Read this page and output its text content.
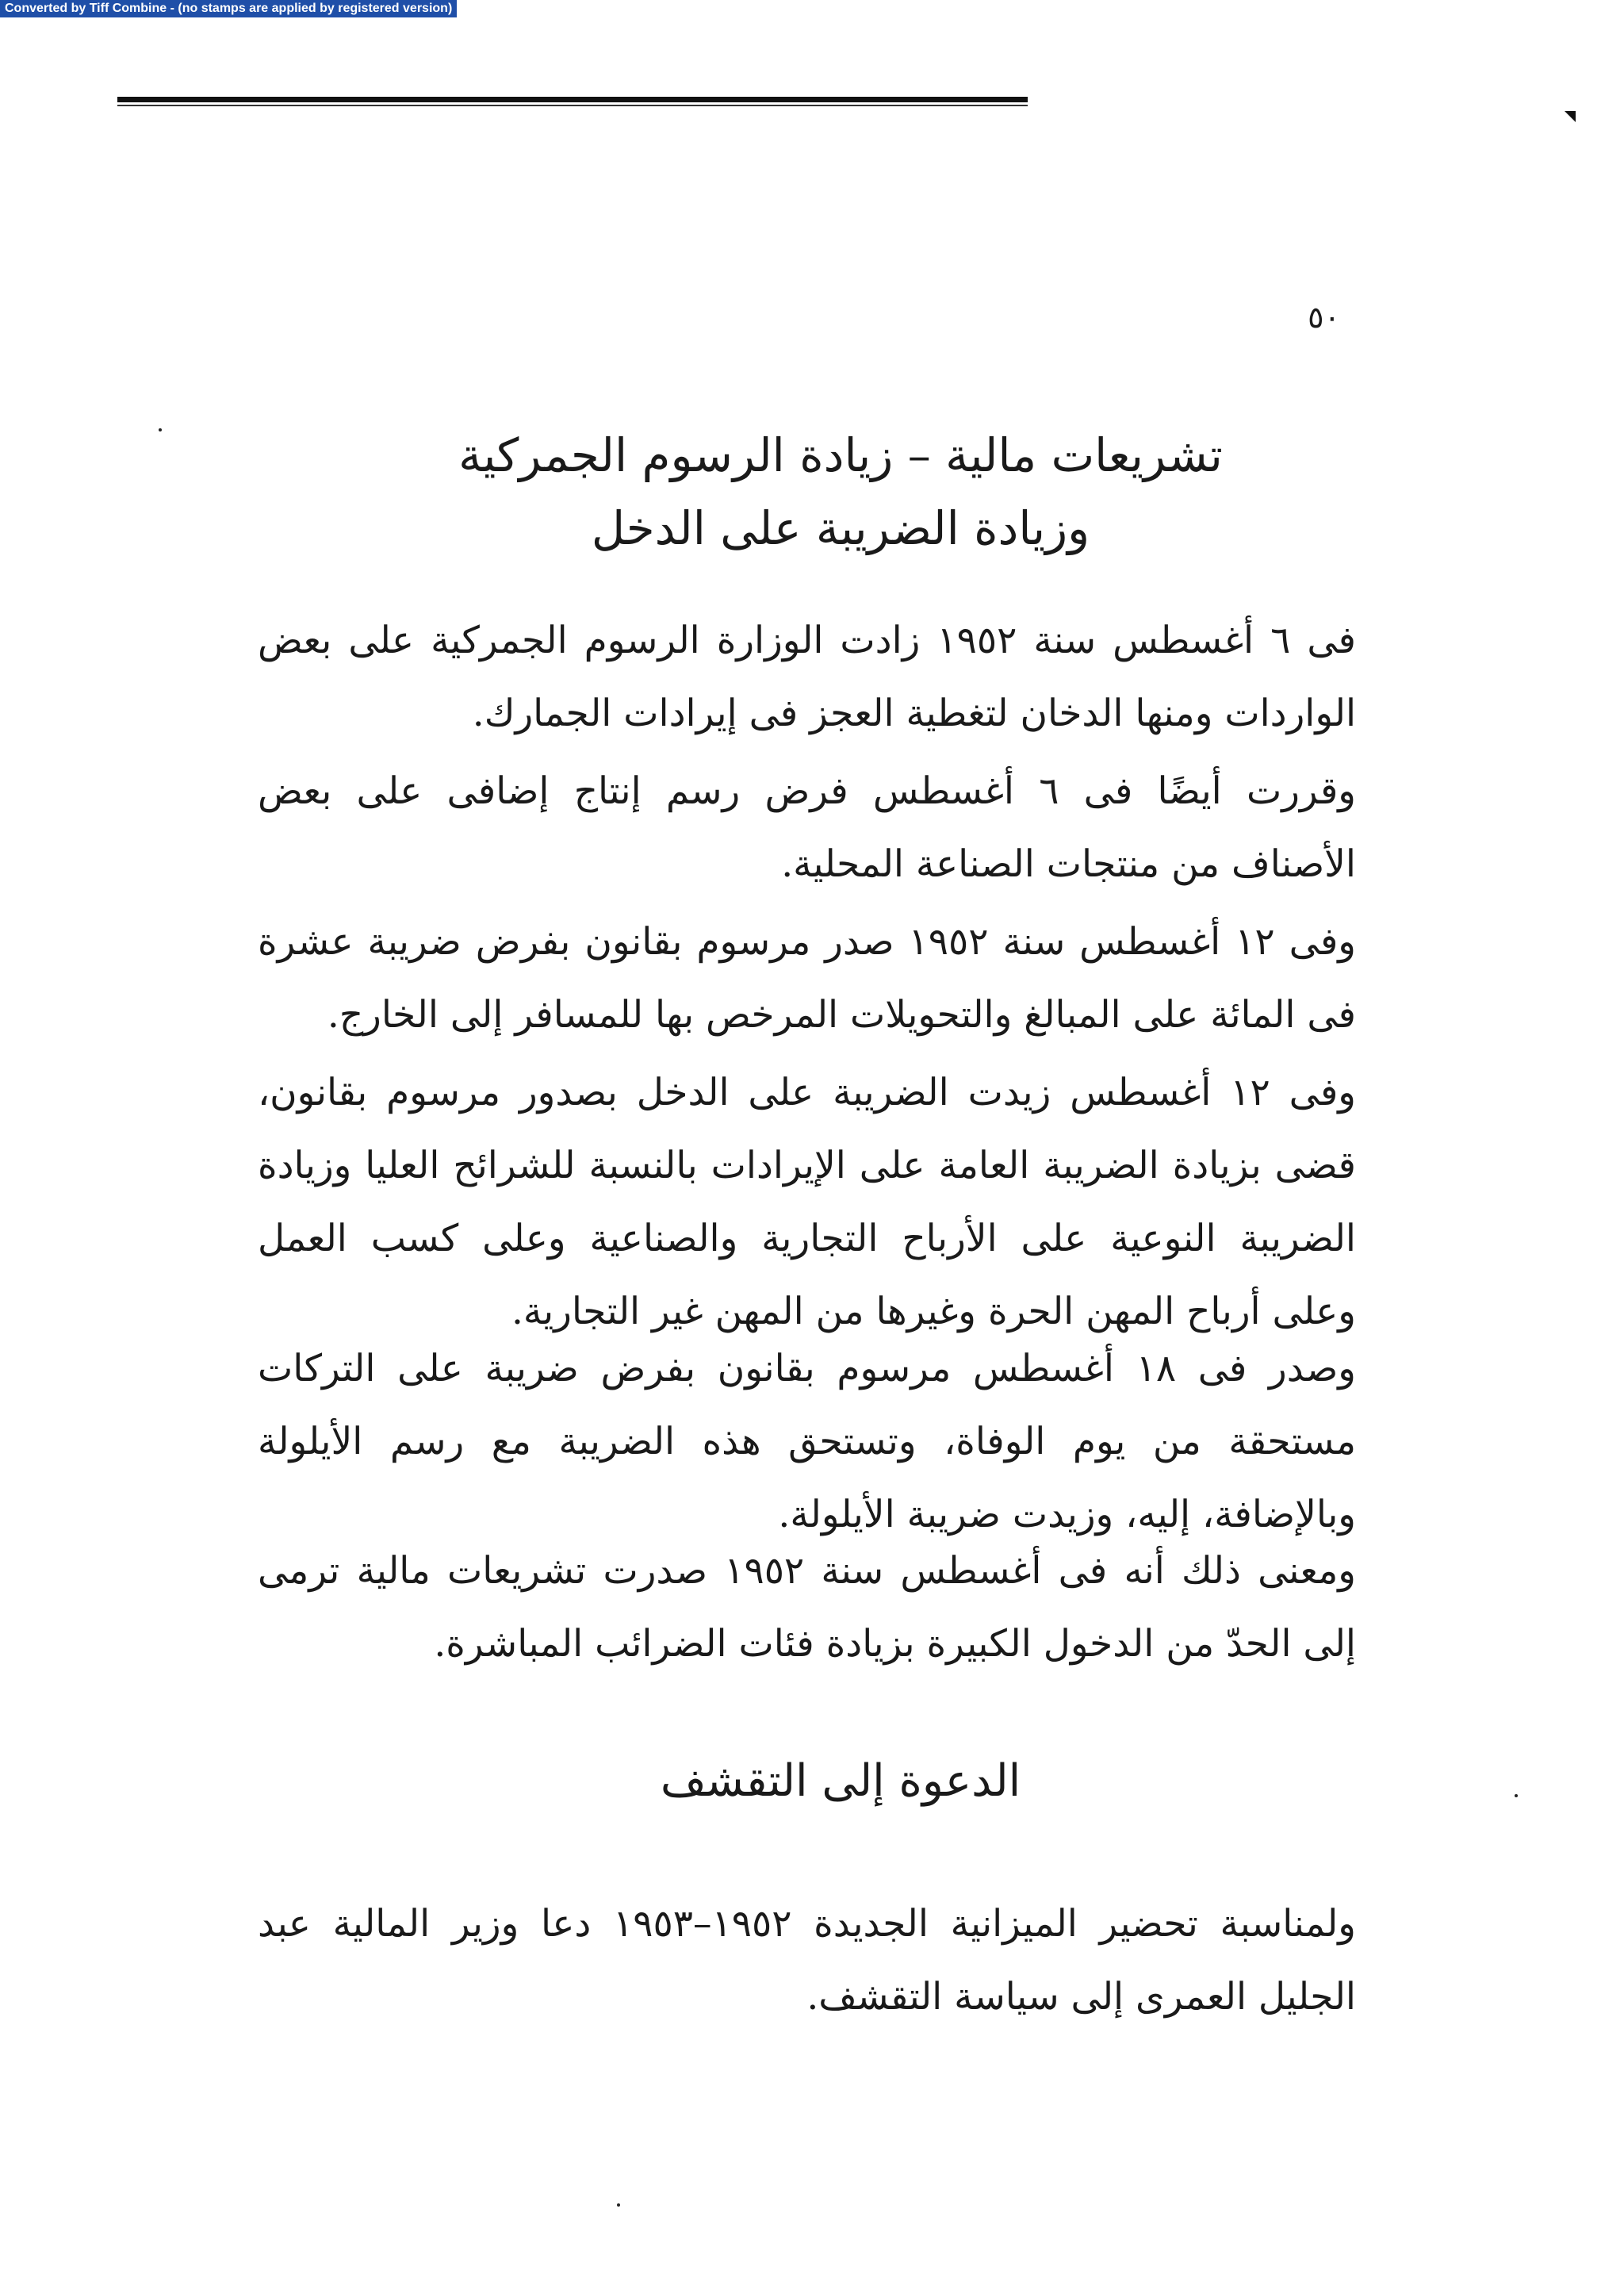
Converted by Tiff Combine - (no stamps are applied by registered version)
٥٠
تشريعات مالية – زيادة الرسوم الجمركية
وزيادة الضريبة على الدخل
فى ٦ أغسطس سنة ١٩٥٢ زادت الوزارة الرسوم الجمركية على بعض الواردات ومنها الدخان لتغطية العجز فى إيرادات الجمارك.
وقررت أيضًا فى ٦ أغسطس فرض رسم إنتاج إضافى على بعض الأصناف من منتجات الصناعة المحلية.
وفى ١٢ أغسطس سنة ١٩٥٢ صدر مرسوم بقانون بفرض ضريبة عشرة فى المائة على المبالغ والتحويلات المرخص بها للمسافر إلى الخارج.
وفى ١٢ أغسطس زيدت الضريبة على الدخل بصدور مرسوم بقانون، قضى بزيادة الضريبة العامة على الإيرادات بالنسبة للشرائح العليا وزيادة الضريبة النوعية على الأرباح التجارية والصناعية وعلى كسب العمل وعلى أرباح المهن الحرة وغيرها من المهن غير التجارية.
وصدر فى ١٨ أغسطس مرسوم بقانون بفرض ضريبة على التركات مستحقة من يوم الوفاة، وتستحق هذه الضريبة مع رسم الأيلولة وبالإضافة، إليه، وزيدت ضريبة الأيلولة.
ومعنى ذلك أنه فى أغسطس سنة ١٩٥٢ صدرت تشريعات مالية ترمى إلى الحدّ من الدخول الكبيرة بزيادة فئات الضرائب المباشرة.
الدعوة إلى التقشف
ولمناسبة تحضير الميزانية الجديدة ١٩٥٢–١٩٥٣ دعا وزير المالية عبد الجليل العمرى إلى سياسة التقشف.
